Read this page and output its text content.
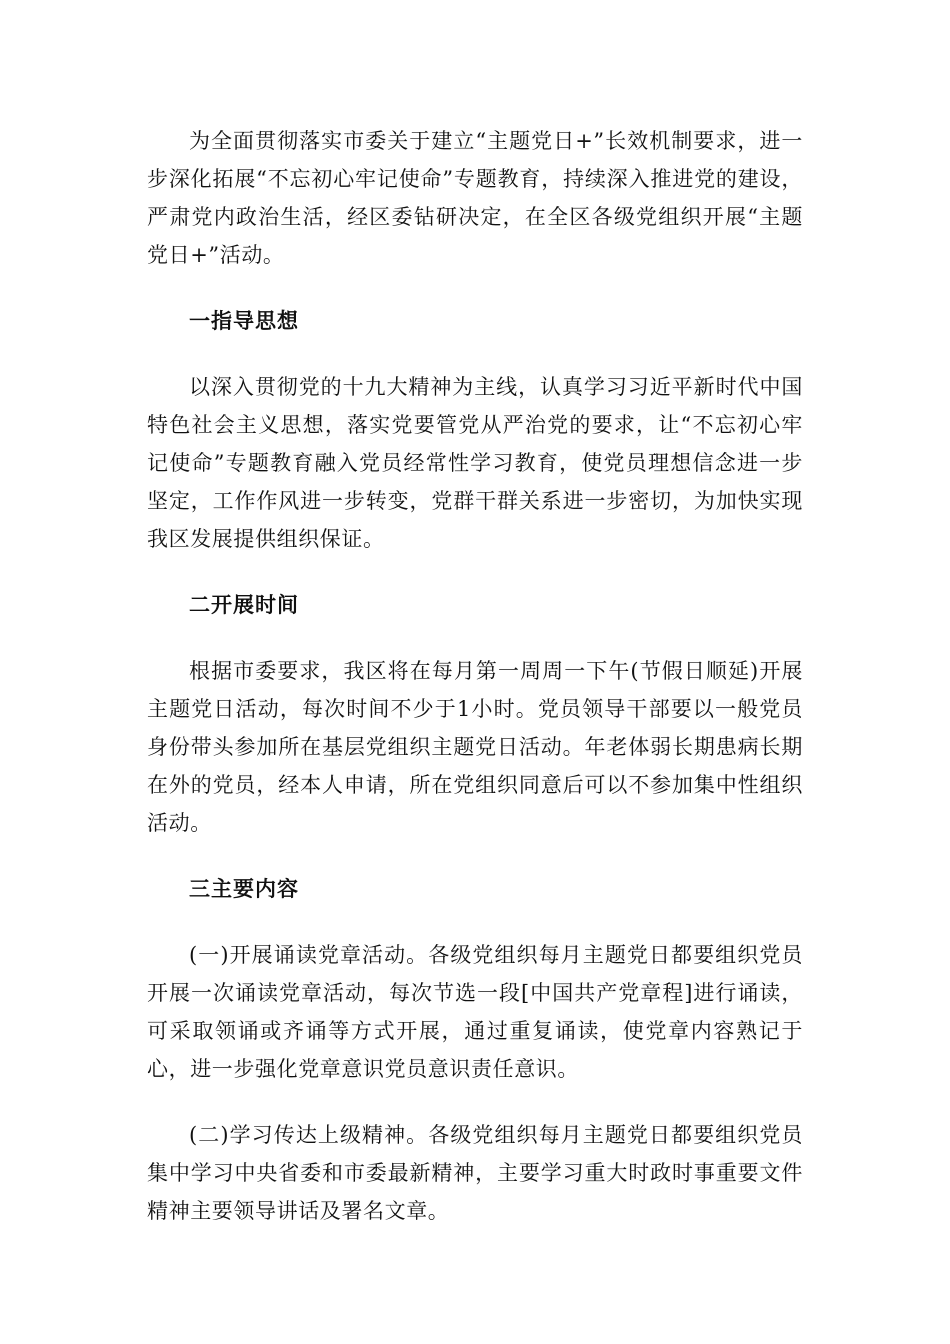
为全面贯彻落实市委关于建立“主题党日+”长效机制要求，进一步深化拓展“不忘初心牢记使命”专题教育，持续深入推进党的建设，严肃党内政治生活，经区委钻研决定，在全区各级党组织开展“主题党日+”活动。

一指导思想

以深入贯彻党的十九大精神为主线，认真学习习近平新时代中国特色社会主义思想，落实党要管党从严治党的要求，让“不忘初心牢记使命”专题教育融入党员经常性学习教育，使党员理想信念进一步坚定，工作作风进一步转变，党群干群关系进一步密切，为加快实现我区发展提供组织保证。

二开展时间

根据市委要求，我区将在每月第一周周一下午(节假日顺延)开展主题党日活动，每次时间不少于1小时。党员领导干部要以一般党员身份带头参加所在基层党组织主题党日活动。年老体弱长期患病长期在外的党员，经本人申请，所在党组织同意后可以不参加集中性组织活动。

三主要内容

(一)开展诵读党章活动。各级党组织每月主题党日都要组织党员开展一次诵读党章活动，每次节选一段[中国共产党章程]进行诵读，可采取领诵或齐诵等方式开展，通过重复诵读，使党章内容熟记于心，进一步强化党章意识党员意识责任意识。

(二)学习传达上级精神。各级党组织每月主题党日都要组织党员集中学习中央省委和市委最新精神，主要学习重大时政时事重要文件精神主要领导讲话及署名文章。
